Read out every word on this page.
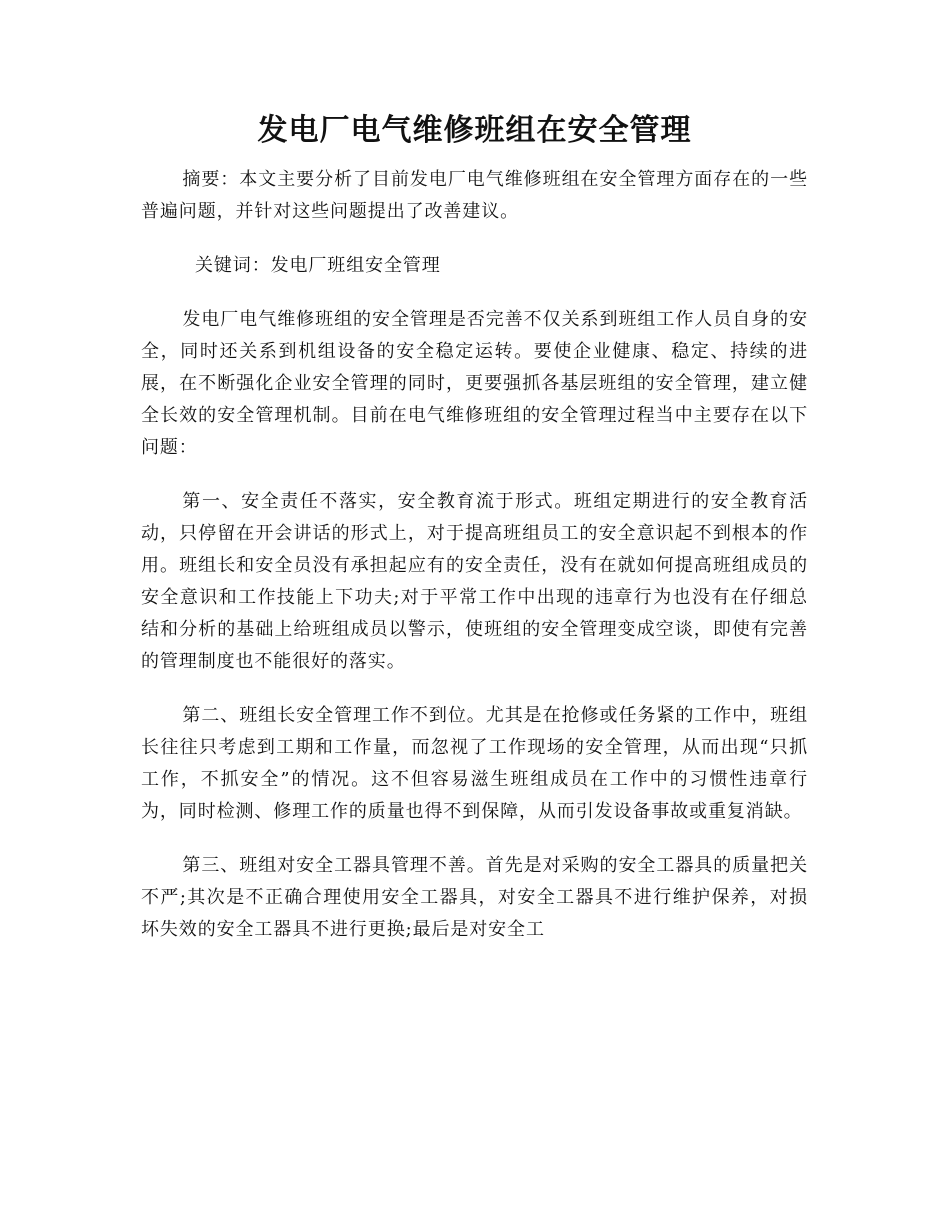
发电厂电气维修班组在安全管理

摘要：本文主要分析了目前发电厂电气维修班组在安全管理方面存在的一些普遍问题，并针对这些问题提出了改善建议。

关键词：发电厂班组安全管理

发电厂电气维修班组的安全管理是否完善不仅关系到班组工作人员自身的安全，同时还关系到机组设备的安全稳定运转。要使企业健康、稳定、持续的进展，在不断强化企业安全管理的同时，更要强抓各基层班组的安全管理，建立健全长效的安全管理机制。目前在电气维修班组的安全管理过程当中主要存在以下问题：

第一、安全责任不落实，安全教育流于形式。班组定期进行的安全教育活动，只停留在开会讲话的形式上，对于提高班组员工的安全意识起不到根本的作用。班组长和安全员没有承担起应有的安全责任，没有在就如何提高班组成员的安全意识和工作技能上下功夫;对于平常工作中出现的违章行为也没有在仔细总结和分析的基础上给班组成员以警示，使班组的安全管理变成空谈，即使有完善的管理制度也不能很好的落实。

第二、班组长安全管理工作不到位。尤其是在抢修或任务紧的工作中，班组长往往只考虑到工期和工作量，而忽视了工作现场的安全管理，从而出现“只抓工作，不抓安全”的情况。这不但容易滋生班组成员在工作中的习惯性违章行为，同时检测、修理工作的质量也得不到保障，从而引发设备事故或重复消缺。

第三、班组对安全工器具管理不善。首先是对采购的安全工器具的质量把关不严;其次是不正确合理使用安全工器具，对安全工器具不进行维护保养，对损坏失效的安全工器具不进行更换;最后是对安全工
